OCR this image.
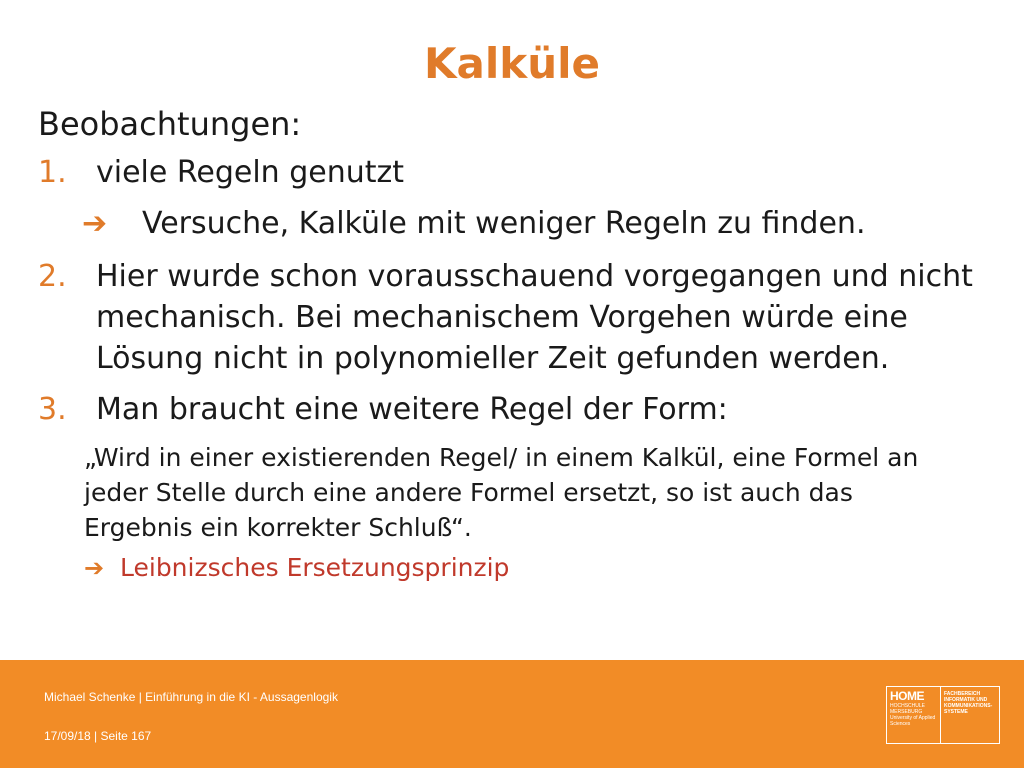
Kalküle
Beobachtungen:
1. viele Regeln genutzt
➔	Versuche, Kalküle mit weniger Regeln zu finden.
2. Hier wurde schon vorausschauend vorgegangen und nicht mechanisch. Bei mechanischem Vorgehen würde eine Lösung nicht in polynomieller Zeit gefunden werden.
3. Man braucht eine weitere Regel der Form:
„Wird in einer existierenden Regel/ in einem Kalkül, eine Formel an jeder Stelle durch eine andere Formel ersetzt, so ist auch das Ergebnis ein korrekter Schluß“.
➔ Leibnizsches Ersetzungsprinzip
Michael Schenke | Einführung in die KI - Aussagenlogik
17/09/18 | Seite 167
HOME
HOCHSCHULE
MERSEBURG
University of Applied Sciences
FACHBEREICH INFORMATIK UND KOMMUNIKATIONS-SYSTEME
